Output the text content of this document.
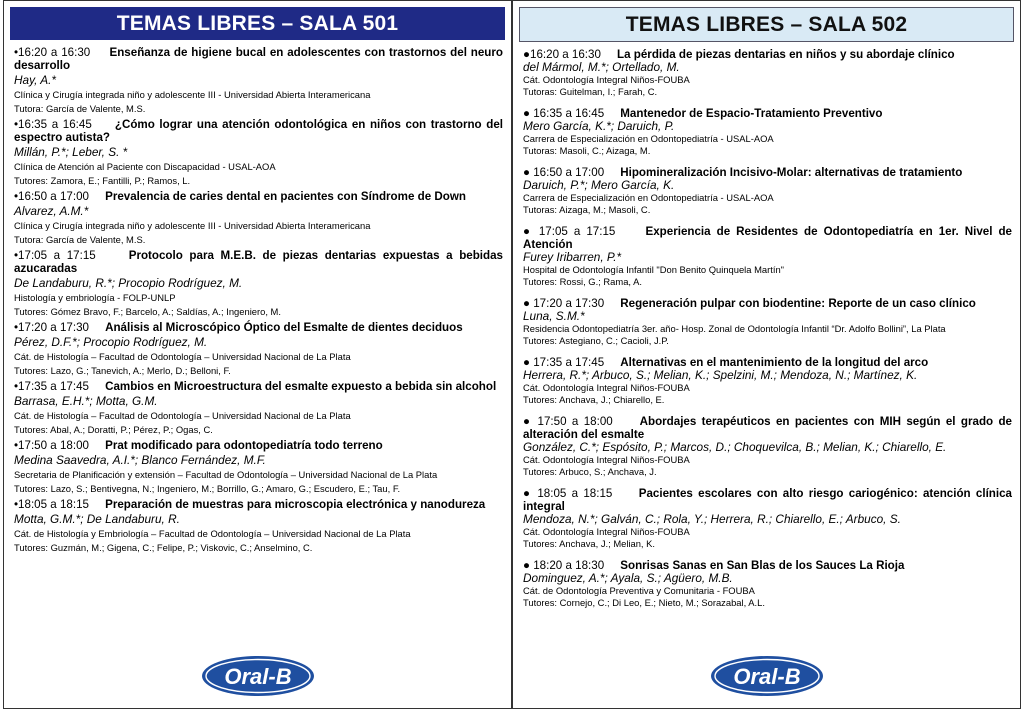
TEMAS LIBRES – SALA 501
•16:20 a 16:30 Enseñanza de higiene bucal en adolescentes con trastornos del neuro desarrollo
Hay, A.*
Clínica y Cirugía integrada niño y adolescente III - Universidad Abierta Interamericana
Tutora: García de Valente, M.S.
•16:35 a 16:45 ¿Cómo lograr una atención odontológica en niños con trastorno del espectro autista?
Millán, P.*; Leber, S. *
Clínica de Atención al Paciente con Discapacidad - USAL-AOA
Tutores: Zamora, E.; Fantilli, P.; Ramos, L.
•16:50 a 17:00 Prevalencia de caries dental en pacientes con Síndrome de Down
Alvarez, A.M.*
Clínica y Cirugía integrada niño y adolescente III - Universidad Abierta Interamericana
Tutora: García de Valente, M.S.
•17:05 a 17:15	Protocolo para M.E.B. de piezas dentarias expuestas a bebidas azucaradas
De Landaburu, R.*; Procopio Rodríguez, M.
Histología y embriología - FOLP-UNLP
Tutores: Gómez Bravo, F.; Barcelo, A.; Saldías, A.; Ingeniero, M.
•17:20 a 17:30 Análisis al Microscópico Óptico del Esmalte de dientes deciduos
Pérez, D.F.*; Procopio Rodríguez, M.
Cát. de Histología – Facultad de Odontología – Universidad Nacional de La Plata
Tutores: Lazo, G.; Tanevich, A.; Merlo, D.; Belloni, F.
•17:35 a 17:45 Cambios en Microestructura del esmalte expuesto a bebida sin alcohol
Barrasa, E.H.*; Motta, G.M.
Cát. de Histología – Facultad de Odontología – Universidad Nacional de La Plata
Tutores: Abal, A.; Doratti, P.; Pérez, P.; Ogas, C.
•17:50 a 18:00 Prat modificado para odontopediatría todo terreno
Medina Saavedra, A.I.*; Blanco Fernández, M.F.
Secretaria de Planificación y extensión – Facultad de Odontología – Universidad Nacional de La Plata
Tutores: Lazo, S.; Bentivegna, N.; Ingeniero, M.; Borrillo, G.; Amaro, G.; Escudero, E.; Tau, F.
•18:05 a 18:15 Preparación de muestras para microscopia electrónica y nanodureza
Motta, G.M.*; De Landaburu, R.
Cát. de Histología y Embriología – Facultad de Odontología – Universidad Nacional de La Plata
Tutores: Guzmán, M.; Gigena, C.; Felipe, P.; Viskovic, C.; Anselmino, C.
Oral-B
TEMAS LIBRES – SALA 502
●16:20 a 16:30 La pérdida de piezas dentarias en niños y su abordaje clínico
del Mármol, M.*; Ortellado, M.
Cát. Odontología Integral Niños-FOUBA
Tutoras: Guitelman, I.; Farah, C.
● 16:35 a 16:45 Mantenedor de Espacio-Tratamiento Preventivo
Mero García, K.*; Daruich, P.
Carrera de Especialización en Odontopediatría - USAL-AOA
Tutoras: Masoli, C.; Aizaga, M.
● 16:50 a 17:00 Hipomineralización Incisivo-Molar: alternativas de tratamiento
Daruich, P.*; Mero García, K.
Carrera de Especialización en Odontopediatría - USAL-AOA
Tutoras: Aizaga, M.; Masoli, C.
● 17:05 a 17:15	Experiencia de Residentes de Odontopediatría en 1er. Nivel de Atención
Furey Iribarren, P.*
Hospital de Odontología Infantil "Don Benito Quinquela Martín"
Tutores: Rossi, G.; Rama, A.
● 17:20 a 17:30 Regeneración pulpar con biodentine: Reporte de un caso clínico
Luna, S.M.*
Residencia Odontopediatría 3er. año- Hosp. Zonal de Odontología Infantil “Dr. Adolfo Bollini”, La Plata
Tutores: Astegiano, C.; Cacioli, J.P.
● 17:35 a 17:45 Alternativas en el mantenimiento de la longitud del arco
Herrera, R.*; Arbuco, S.; Melian, K.; Spelzini, M.; Mendoza, N.; Martínez, K.
Cát. Odontología Integral Niños-FOUBA
Tutores: Anchava, J.; Chiarello, E.
● 17:50 a 18:00 Abordajes terapéuticos en pacientes con MIH según el grado de alteración del esmalte
González, C.*; Espósito, P.; Marcos, D.; Choquevilca, B.; Melian, K.; Chiarello, E.
Cát. Odontología Integral Niños-FOUBA
Tutores: Arbuco, S.; Anchava, J.
● 18:05 a 18:15 Pacientes escolares con alto riesgo cariogénico: atención clínica integral
Mendoza, N.*; Galván, C.; Rola, Y.; Herrera, R.; Chiarello, E.; Arbuco, S.
Cát. Odontología Integral Niños-FOUBA
Tutores: Anchava, J.; Melian, K.
● 18:20 a 18:30 Sonrisas Sanas en San Blas de los Sauces La Rioja
Dominguez, A.*; Ayala, S.; Agüero, M.B.
Cát. de Odontología Preventiva y Comunitaria - FOUBA
Tutores: Cornejo, C.; Di Leo, E.; Nieto, M.; Sorazabal, A.L.
Oral-B
